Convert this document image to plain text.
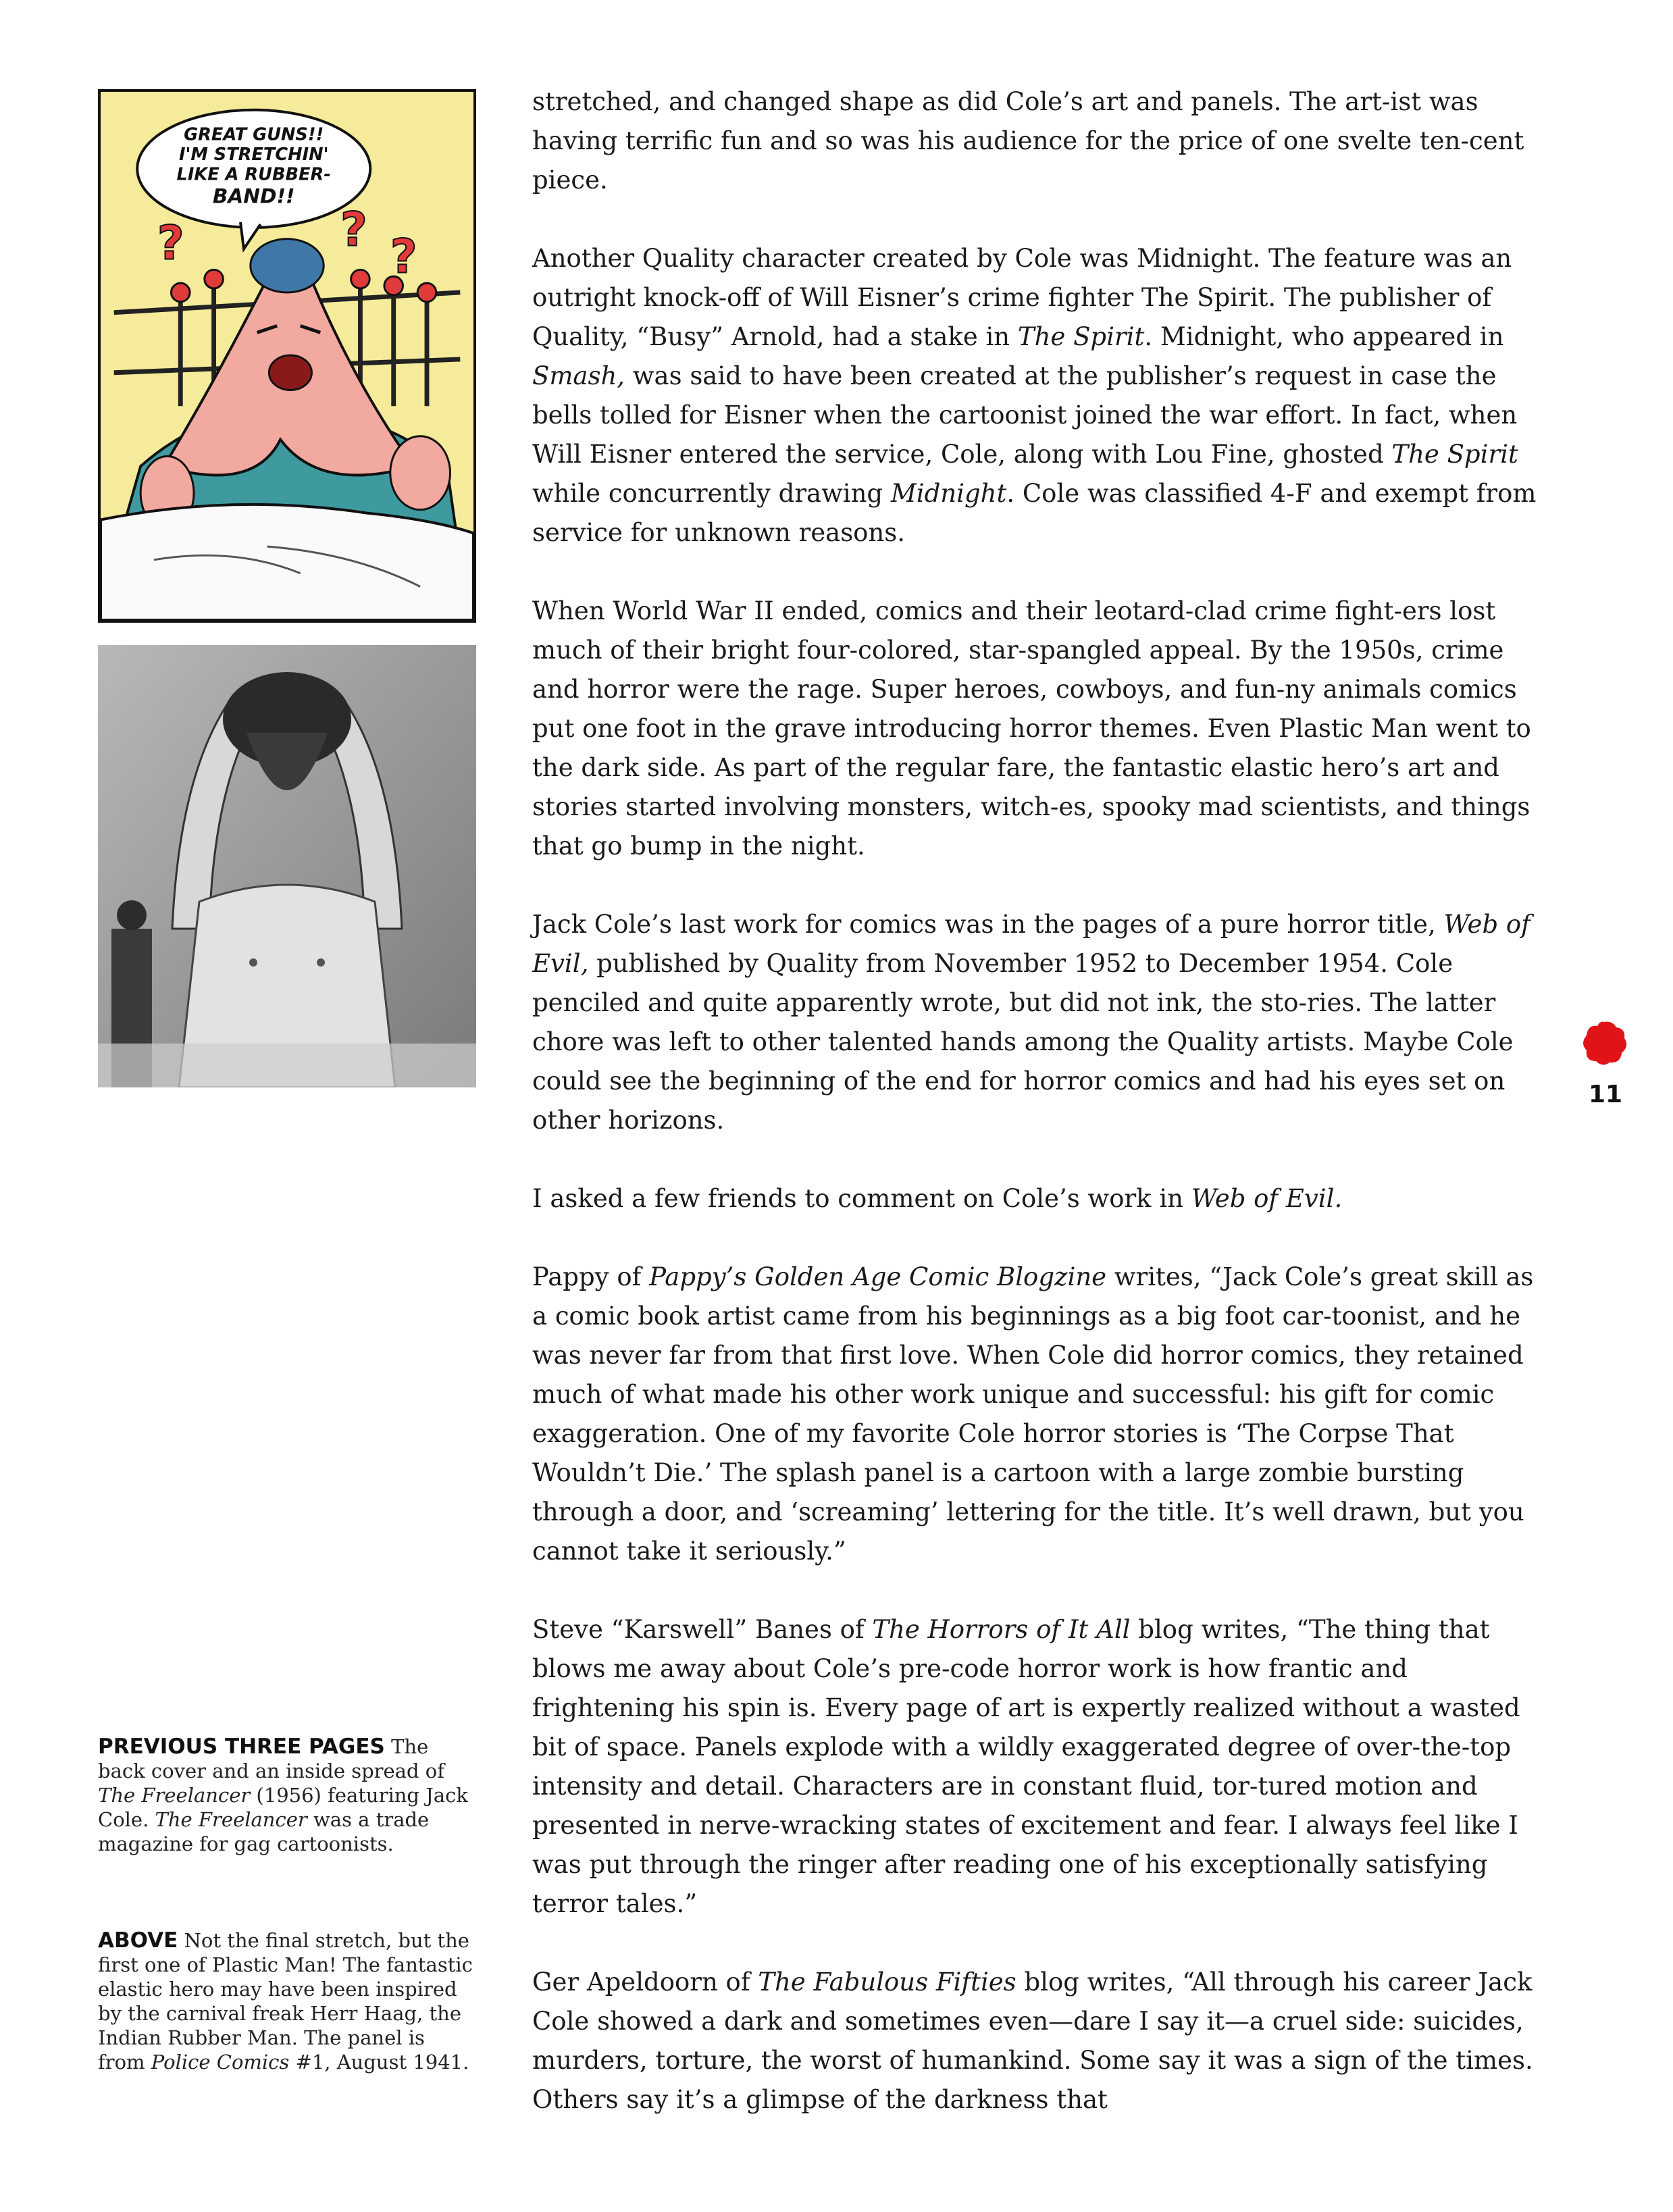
?	? ?
GREAT GUNS!!
I'M STRETCHIN'
LIKE A RUBBER-
BAND!!

stretched, and changed shape as did Cole’s art and panels. The art-ist was having terrific fun and so was his audience for the price of one svelte ten-cent piece.

Another Quality character created by Cole was Midnight. The feature was an outright knock-off of Will Eisner’s crime fighter The Spirit. The publisher of Quality, “Busy” Arnold, had a stake in The Spirit. Midnight, who appeared in Smash, was said to have been created at the publisher’s request in case the bells tolled for Eisner when the cartoonist joined the war effort. In fact, when Will Eisner entered the service, Cole, along with Lou Fine, ghosted The Spirit while concurrently drawing Midnight. Cole was classified 4-F and exempt from service for unknown reasons.

When World War II ended, comics and their leotard-clad crime fight-ers lost much of their bright four-colored, star-spangled appeal. By the 1950s, crime and horror were the rage. Super heroes, cowboys, and fun-ny animals comics put one foot in the grave introducing horror themes. Even Plastic Man went to the dark side. As part of the regular fare, the fantastic elastic hero’s art and stories started involving monsters, witch-es, spooky mad scientists, and things that go bump in the night.

Jack Cole’s last work for comics was in the pages of a pure horror title, Web of Evil, published by Quality from November 1952 to December 1954. Cole penciled and quite apparently wrote, but did not ink, the sto-ries. The latter chore was left to other talented hands among the Quality artists. Maybe Cole could see the beginning of the end for horror comics and had his eyes set on other horizons.

I asked a few friends to comment on Cole’s work in Web of Evil.

Pappy of Pappy’s Golden Age Comic Blogzine writes, “Jack Cole’s great skill as a comic book artist came from his beginnings as a big foot car-toonist, and he was never far from that first love. When Cole did horror comics, they retained much of what made his other work unique and successful: his gift for comic exaggeration. One of my favorite Cole horror stories is ‘The Corpse That Wouldn’t Die.’ The splash panel is a cartoon with a large zombie bursting through a door, and ‘screaming’ lettering for the title. It’s well drawn, but you cannot take it seriously.”

Steve “Karswell” Banes of The Horrors of It All blog writes, “The thing that blows me away about Cole’s pre-code horror work is how frantic and frightening his spin is. Every page of art is expertly realized without a wasted bit of space. Panels explode with a wildly exaggerated degree of over-the-top intensity and detail. Characters are in constant fluid, tor-tured motion and presented in nerve-wracking states of excitement and fear. I always feel like I was put through the ringer after reading one of his exceptionally satisfying terror tales.”

Ger Apeldoorn of The Fabulous Fifties blog writes, “All through his career Jack Cole showed a dark and sometimes even—dare I say it—a cruel side: suicides, murders, torture, the worst of humankind. Some say it was a sign of the times. Others say it’s a glimpse of the darkness that

PREVIOUS THREE PAGES The back cover and an inside spread of The Freelancer (1956) featuring Jack Cole. The Freelancer was a trade magazine for gag cartoonists.
ABOVE Not the final stretch, but the first one of Plastic Man! The fantastic elastic hero may have been inspired by the carnival freak Herr Haag, the Indian Rubber Man. The panel is from Police Comics #1, August 1941.
11
